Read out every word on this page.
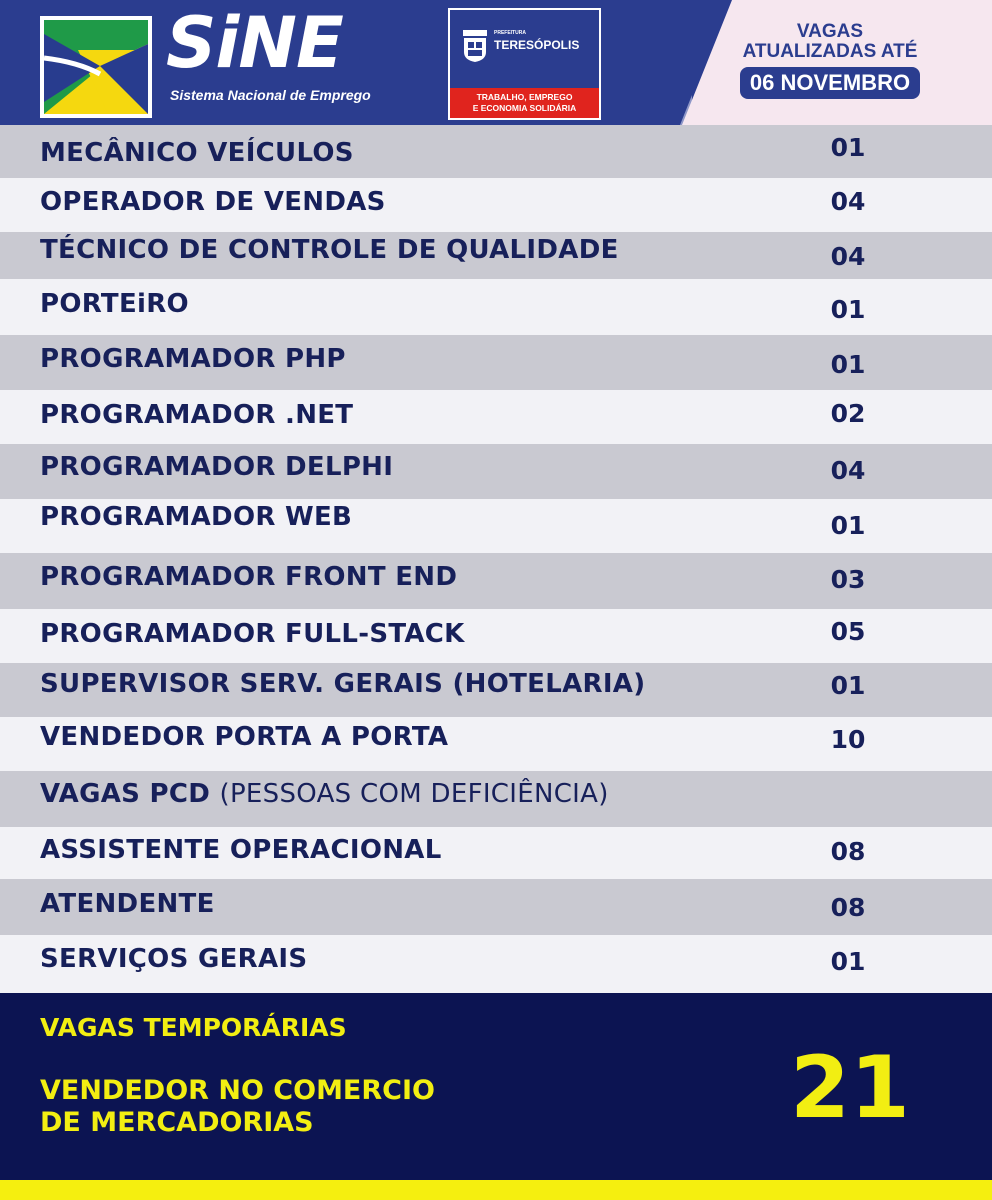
SiNE
Sistema Nacional de Emprego
PREFEITURA
TERESÓPOLIS
TRABALHO, EMPREGO
E ECONOMIA SOLIDÁRIA
VAGAS
ATUALIZADAS ATÉ
06 NOVEMBRO
MECÂNICO VEÍCULOS	01
OPERADOR DE VENDAS	04
TÉCNICO DE CONTROLE DE QUALIDADE	04
PORTEiRO	01
PROGRAMADOR PHP	01
PROGRAMADOR .NET	02
PROGRAMADOR DELPHI	04
PROGRAMADOR WEB	01
PROGRAMADOR FRONT END	03
PROGRAMADOR FULL-STACK	05
SUPERVISOR SERV. GERAIS (HOTELARIA)	01
VENDEDOR PORTA A PORTA	10
VAGAS PCD (PESSOAS COM DEFICIÊNCIA)
ASSISTENTE OPERACIONAL	08
ATENDENTE	08
SERVIÇOS GERAIS	01
VAGAS TEMPORÁRIAS
VENDEDOR NO COMERCIO
DE MERCADORIAS	21
